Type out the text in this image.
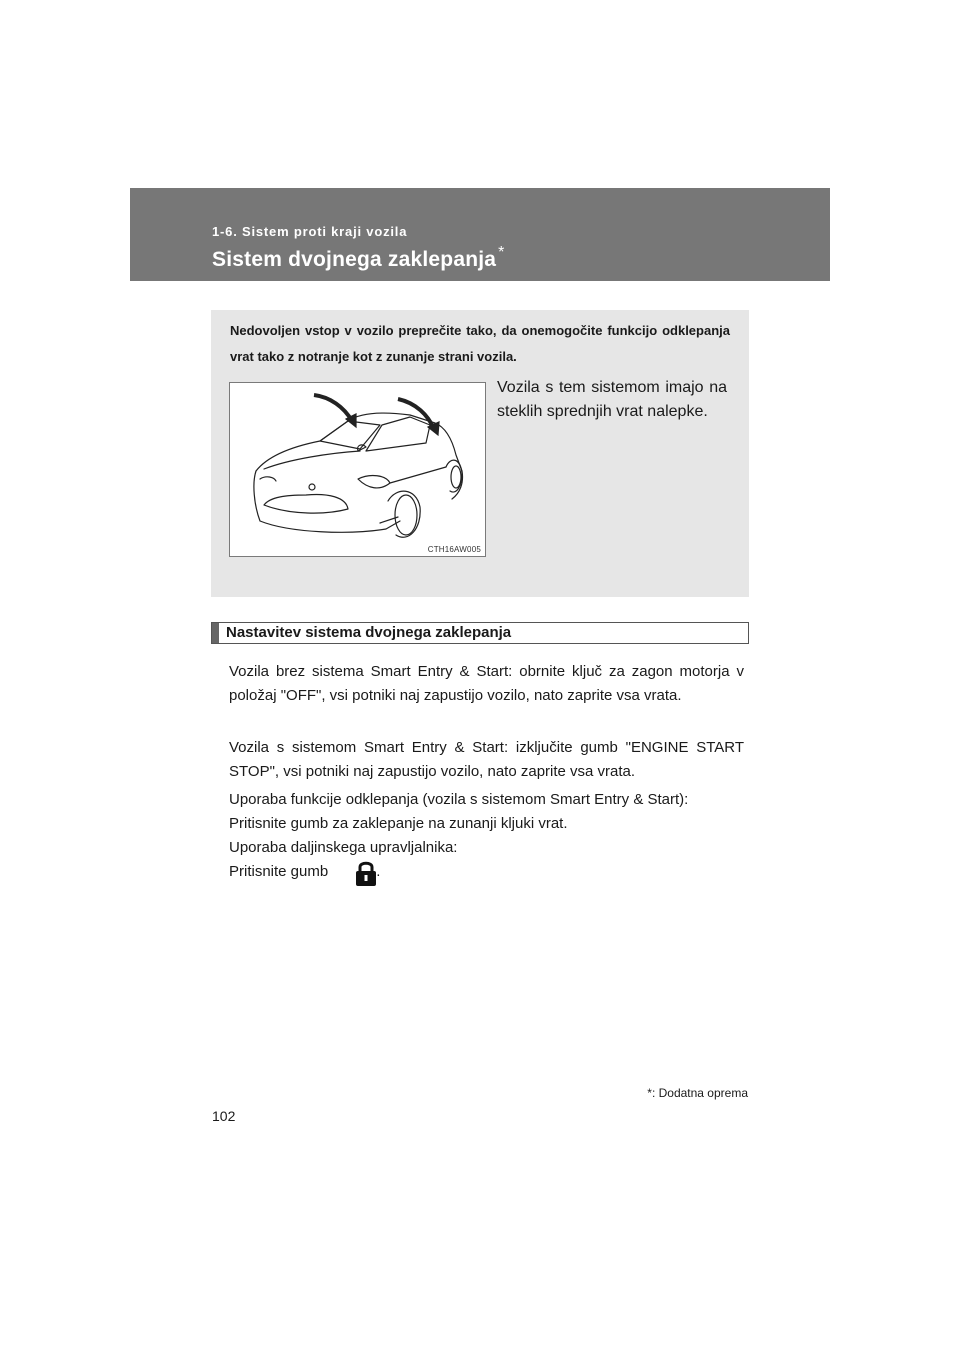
1-6. Sistem proti kraji vozila
Sistem dvojnega zaklepanja *
Nedovoljen vstop v vozilo preprečite tako, da onemogočite funkcijo odklepanja vrat tako z notranje kot z zunanje strani vozila.
CTH16AW005
Vozila s tem sistemom imajo na steklih sprednjih vrat nalepke.
Nastavitev sistema dvojnega zaklepanja
Vozila brez sistema Smart Entry & Start: obrnite ključ za zagon motorja v položaj "OFF", vsi potniki naj zapustijo vozilo, nato zaprite vsa vrata.
Vozila s sistemom Smart Entry & Start: izključite gumb "ENGINE START STOP", vsi potniki naj zapustijo vozilo, nato zaprite vsa vrata.
Uporaba funkcije odklepanja (vozila s sistemom Smart Entry & Start):
Pritisnite gumb za zaklepanje na zunanji kljuki vrat.
Uporaba daljinskega upravljalnika:
Pritisnite gumb	.
*: Dodatna oprema
102
